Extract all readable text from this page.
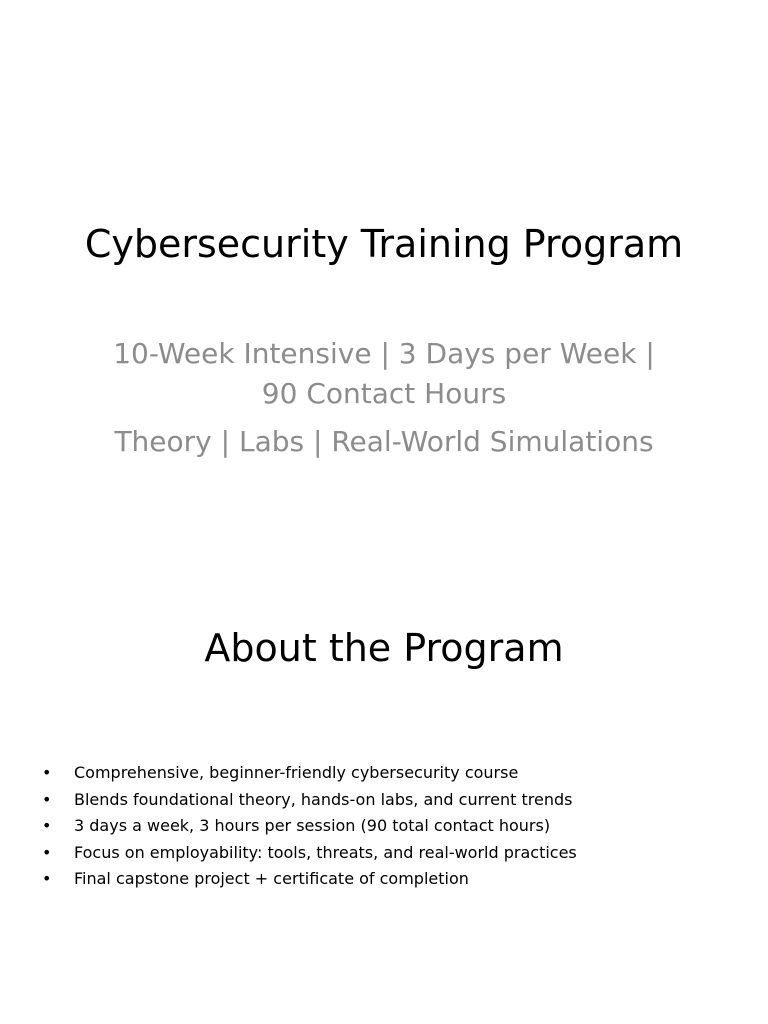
Cybersecurity Training Program

10-Week Intensive | 3 Days per Week | 90 Contact Hours

Theory | Labs | Real-World Simulations

About the Program
•	Comprehensive, beginner-friendly cybersecurity course
•	Blends foundational theory, hands-on labs, and current trends
•	3 days a week, 3 hours per session (90 total contact hours)
•	Focus on employability: tools, threats, and real-world practices
•	Final capstone project + certificate of completion
